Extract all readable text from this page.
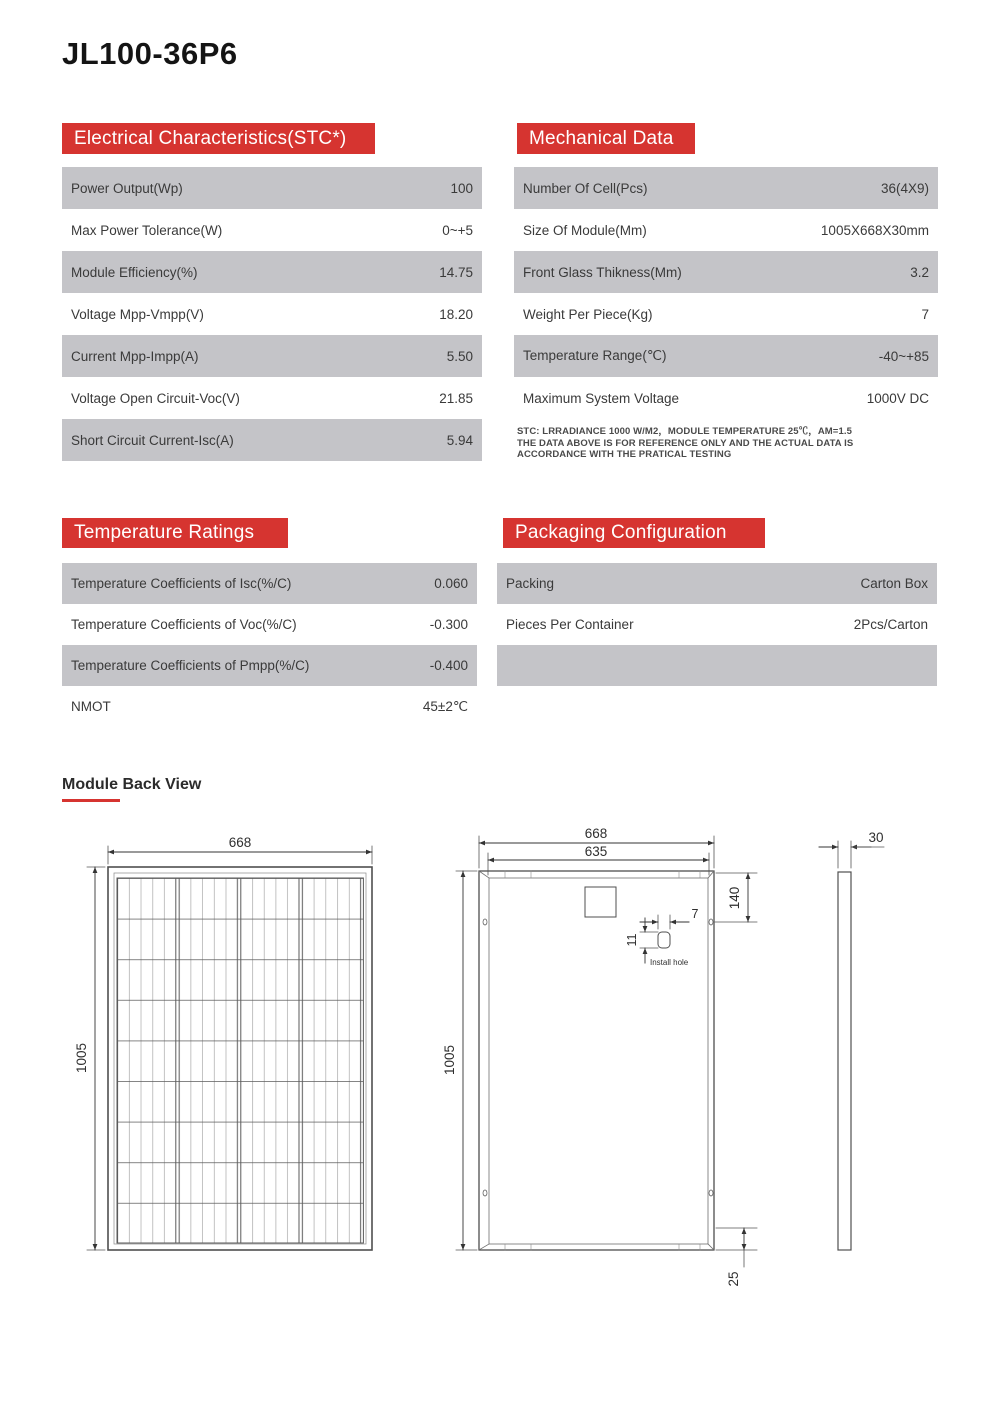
JL100-36P6
Electrical Characteristics(STC*)	Mechanical Data
Temperature Ratings	Packaging Configuration
Power Output(Wp)	100
Max Power Tolerance(W)	0~+5
Module Efficiency(%)	14.75
Voltage Mpp-Vmpp(V)	18.20
Current Mpp-Impp(A)	5.50
Voltage Open Circuit-Voc(V)	21.85
Short Circuit Current-Isc(A)	5.94
Number Of Cell(Pcs)	36(4X9)
Size Of Module(Mm)	1005X668X30mm
Front Glass Thikness(Mm)	3.2
Weight Per Piece(Kg)	7
Temperature Range(℃)	-40~+85
Maximum System Voltage	1000V DC
STC: LRRADIANCE 1000 W/M2，MODULE TEMPERATURE 25℃，AM=1.5
THE DATA ABOVE IS FOR REFERENCE ONLY AND THE ACTUAL DATA IS
ACCORDANCE WITH THE PRATICAL TESTING
Temperature Coefficients of Isc(%/C)	0.060
Temperature Coefficients of Voc(%/C)	-0.300
Temperature Coefficients of Pmpp(%/C)	-0.400
NMOT	45±2℃
Packing	Carton Box
Pieces Per Container	2Pcs/Carton
Module Back View
668
1005
668
635
1005
140
7
11
Install hole
25
30
